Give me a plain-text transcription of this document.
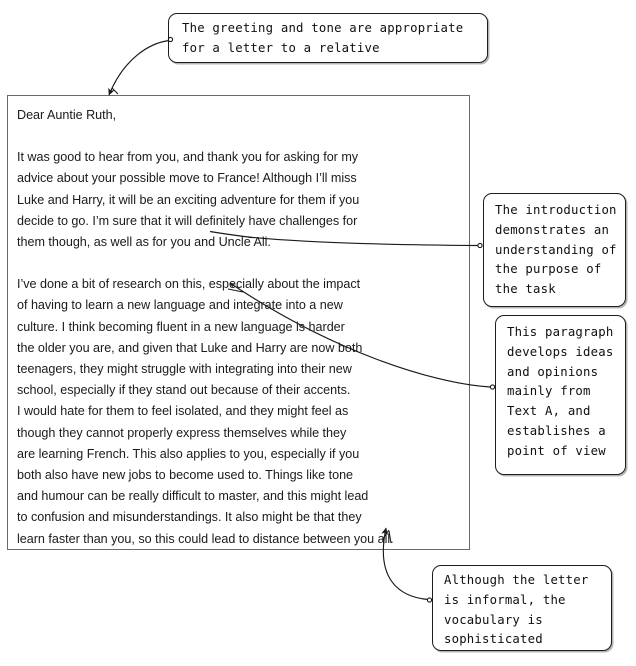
Dear Auntie Ruth,
It was good to hear from you, and thank you for asking for my
advice about your possible move to France! Although I’ll miss
Luke and Harry, it will be an exciting adventure for them if you
decide to go. I’m sure that it will definitely have challenges for
them though, as well as for you and Uncle Ali.
I’ve done a bit of research on this, especially about the impact
of having to learn a new language and integrate into a new
culture. I think becoming fluent in a new language is harder
the older you are, and given that Luke and Harry are now both
teenagers, they might struggle with integrating into their new
school, especially if they stand out because of their accents.
I would hate for them to feel isolated, and they might feel as
though they cannot properly express themselves while they
are learning French. This also applies to you, especially if you
both also have new jobs to become used to. Things like tone
and humour can be really difficult to master, and this might lead
to confusion and misunderstandings. It also might be that they
learn faster than you, so this could lead to distance between you all.
The greeting and tone are appropriate
for a letter to a relative
The introduction
demonstrates an
understanding of
the purpose of
the task
This paragraph
develops ideas
and opinions
mainly from
Text A, and
establishes a
point of view
Although the letter
is informal, the
vocabulary is
sophisticated
